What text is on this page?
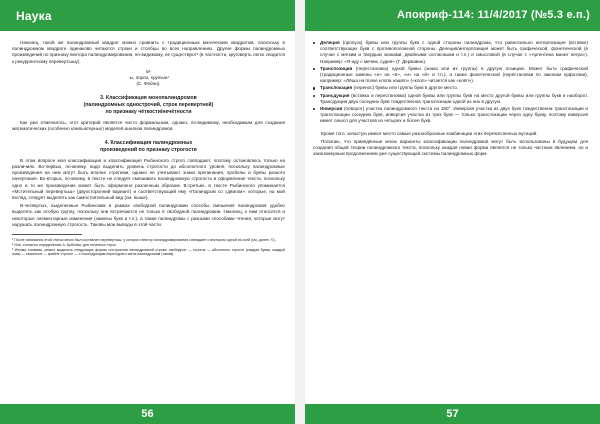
Наука

Наконец, такой же палиндромный квадрат можно сравнить с традиционным магическим квадратом, поскольку в палиндромном квадрате одинаково читаются строки и столбцы во всех направлениях. Другие формы палиндромных произведений по признаку вектора палиндромирования, по-видимому, не существуют¹ (в частности, круговерть легко сводится к рекуррентному перевертышу).

М-
-ы, порог, крутые!
(С. Федин).
3. Классификация монопалиндромов
(палиндромных однострочий, строк перевертней)
по признаку чёткости/нечётности

Как уже отмечалось, этот критерий является чисто формальным, однако, по-видимому, необходимым для создания математических (особенно компьютерных) моделей анализа палиндромов.

4. Классификация палиндромных
произведений по признаку строгости

В этом вопросе моя классификация и классификация Рыбинского строго совпадают, поэтому остановлюсь только на различиях. Во-первых, по-моему, надо выделить уровень строгости до абсолютного уровня, поскольку палиндромные произведения на нем могут быть вполне строгими, однако не учитывают знаки препинания, пробелы и буквы разного начертания. Во-вторых, по-моему, в тексте не следует смешивать палиндромную строгость и оформление текста, поскольку одно и то же произведение может быть оформлено различным образом. В-третьих, в тексте Рыбинского упоминается «Мстительный перевертыш» (двухсторонний вариант) и соответствующий ему «Палиндром со сдвигом», которые, на мой взгляд, следует выделять как самостоятельный вид (см. выше).

В-четвертых, выделенные Рыбинским в рамках свободной палиндромии способы смешения палиндромов удобно выделять как особую группу, поскольку они встречаются не только в свободной палиндромии. Наконец, к ним относятся и некоторые элементарные изменения (замены букв и т.п.), а также палиндромы с разными способами чтения, которые могут нарушать палиндромную строгость. Таковы мои выводы в этой части.

¹ После написания этой статьи мною был составлен перевертыш, у которого вектор палиндромирования совпадает с вектором одной из осей (см. далее, ©).

² Или, согласно определению А. Бубнова, для нечетных строк.

³ Иными словами, можно выделить следующие формы построения палиндромной строки: свободное — строгое — абсолютно строгое (каждая буква, каждый знак) — сюжетное — крайне строгое — с последующим переходом к мета-палиндромам (таким).

56
Апокриф-114: 11/4/2017 (№5.3 е.п.)
Делеция (пропуск) буквы или группы букв с одной стороны палиндрома, что равносильно интерпозиции (вставке) соответствующих букв с противоположной стороны. Делеция/интерпозиция может быть графической, фонетической (в случае с мягким и твердым знаками, двойными согласными и т.п.) и смысловой (в случае с «Аргентина манит негра»). Например: «Я иду с мечем, судия» (Г. Державин).
Транспозиция (перестановка) одной буквы (знака или их группы) в другую позицию. Может быть графической (традиционные замены «е» на «ё», «и» на «й» и т.п.), а также фонетической (перестановки по законам орфоэпии), например: «Лёша на полке клопа нашёл» («клоп» читается как «клёп»).
Транслокация (перенос) буквы или группы букв в другое место.
Трансдукция (вставка и перестановка) одной буквы или группы букв на место другой буквы или группы букв и наоборот. Трансдукция двух соседних букв тождественна транспозиции одной из них в другую.
Инверсия (поворот) участка палиндромного текста на 180°. Инверсия участка из двух букв тождественна транспозиции и транслокации соседних букв, инверсия участка из трех букв — только транслокации через одну букву, поэтому инверсия имеет смысл для участков из четырех и более букв.

Кроме того, зачастую имеют место самые разнообразные комбинации этих перечисленных мутаций.

Полагаю, что приведённые мною варианты классификации палиндромов могут быть использованы в будущем для создания общей теории палиндромного текста, поскольку каждая новая форма является не только частным явлением, но и закономерным продолжением уже существующей системы палиндромных форм.

57
